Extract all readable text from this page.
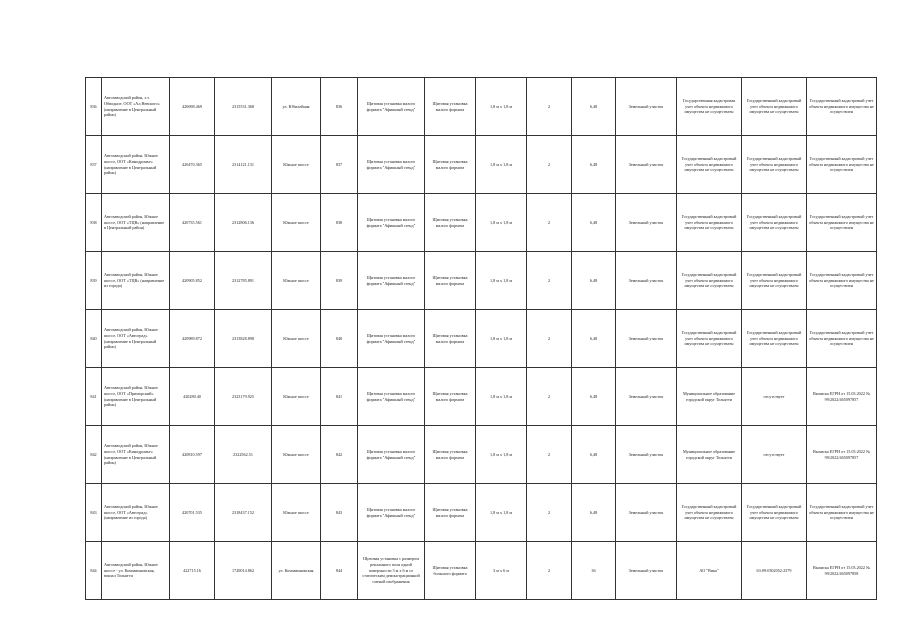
836	Автозаводский район, з.т. Обводное, ООТ «Ал.Невского» (направление в Центральный район)	420698.469	2315531.368	ул. Юбилейная	836	Щитовая установка малого формата "Афишный стенд"	Щитовая установка малого формата	1,8 м х 1,8 м	2	6,48	Земельный участок	Государственная кадастровая учет объекта недвижимого имущества не осуществлен	Государственный кадастровый учет объекта недвижимого имущества не осуществлен	Государственный кадастровый учет объекта недвижимого имущества не осуществлен
837	Автозаводский район, Южное шоссе, ООТ «Кинодромье» (направление в Центральный район)	420470.365	2314121.131	Южное шоссе	837	Щитовая установка малого формата "Афишный стенд"	Щитовая установка малого формата	1,8 м х 1,8 м	2	6,48	Земельный участок	Государственный кадастровый учет объекта недвижимого имущества не осуществлен	Государственный кадастровый учет объекта недвижимого имущества не осуществлен	Государственный кадастровый учет объекта недвижимого имущества не осуществлен
838	Автозаводский район, Южное шоссе, ООТ «ТЦВ» (направление в Центральный район)	420735.561	2312806.136	Южное шоссе	838	Щитовая установка малого формата "Афишный стенд"	Щитовая установка малого формата	1,8 м х 1,8 м	2	6,48	Земельный участок	Государственный кадастровый учет объекта недвижимого имущества не осуществлен	Государственный кадастровый учет объекта недвижимого имущества не осуществлен	Государственный кадастровый учет объекта недвижимого имущества не осуществлен
839	Автозаводский район, Южное шоссе, ООТ «ТЦВ» (направление из города)	420905.852	2312785.891	Южное шоссе	839	Щитовая установка малого формата "Афишный стенд"	Щитовая установка малого формата	1,8 м х 1,8 м	2	6,48	Земельный участок	Государственный кадастровый учет объекта недвижимого имущества не осуществлен	Государственный кадастровый учет объекта недвижимого имущества не осуществлен	Государственный кадастровый учет объекта недвижимого имущества не осуществлен
840	Автозаводский район, Южное шоссе, ООТ «Автоград» (направление в Центральный район)	420989.872	2313828.898	Южное шоссе	840	Щитовая установка малого формата "Афишный стенд"	Щитовая установка малого формата	1,8 м х 1,8 м	2	6,48	Земельный участок	Государственный кадастровый учет объекта недвижимого имущества не осуществлен	Государственный кадастровый учет объекта недвижимого имущества не осуществлен	Государственный кадастровый учет объекта недвижимого имущества не осуществлен
841	Автозаводский район, Южное шоссе, ООТ «Приморский» (направление в Центральный район)	420280.40	2323179.925	Южное шоссе	841	Щитовая установка малого формата "Афишный стенд"	Щитовая установка малого формата	1,8 м х 1,8 м	2	6,48	Земельный участок	Муниципальное образование городской округ Тольятти	отсутствует	Выписка ЕГРН от 15.03.2022 № 99/2022/465097857
842	Автозаводский район, Южное шоссе, ООТ «Кинодромье» (направление в Центральный район)	420810.597	2322562.51	Южное шоссе	842	Щитовая установка малого формата "Афишный стенд"	Щитовая установка малого формата	1,8 м х 1,8 м	2	6,48	Земельный участок	Муниципальное образование городской округ Тольятти	отсутствует	Выписка ЕГРН от 15.03.2022 № 99/2022/465097857
843	Автозаводский район, Южное шоссе, ООТ «Автоград» (направление из города)	420701.535	2318437.152	Южное шоссе	843	Щитовая установка малого формата "Афишный стенд"	Щитовая установка малого формата	1,8 м х 1,8 м	2	6,48	Земельный участок	Государственный кадастровый учет объекта недвижимого имущества не осуществлен	Государственный кадастровый учет объекта недвижимого имущества не осуществлен	Государственный кадастровый учет объекта недвижимого имущества не осуществлен
844	Автозаводский район, Южное шоссе - ул. Комзавиновская, вокзал Тольятти	422715.16	1720014.862	ул. Комзавиновская	844	Щитовая установка с размером рекламного поля одной поверхности 3 м х 6 м со статическим демонстрационной сменой изображения	Щитовая установка большого формата	3 м х 6 м	2	36	Земельный участок	АО "Вика"	63:09:0302052:2379	Выписка ЕГРН от 15.03.2022 № 99/2022/465097858
